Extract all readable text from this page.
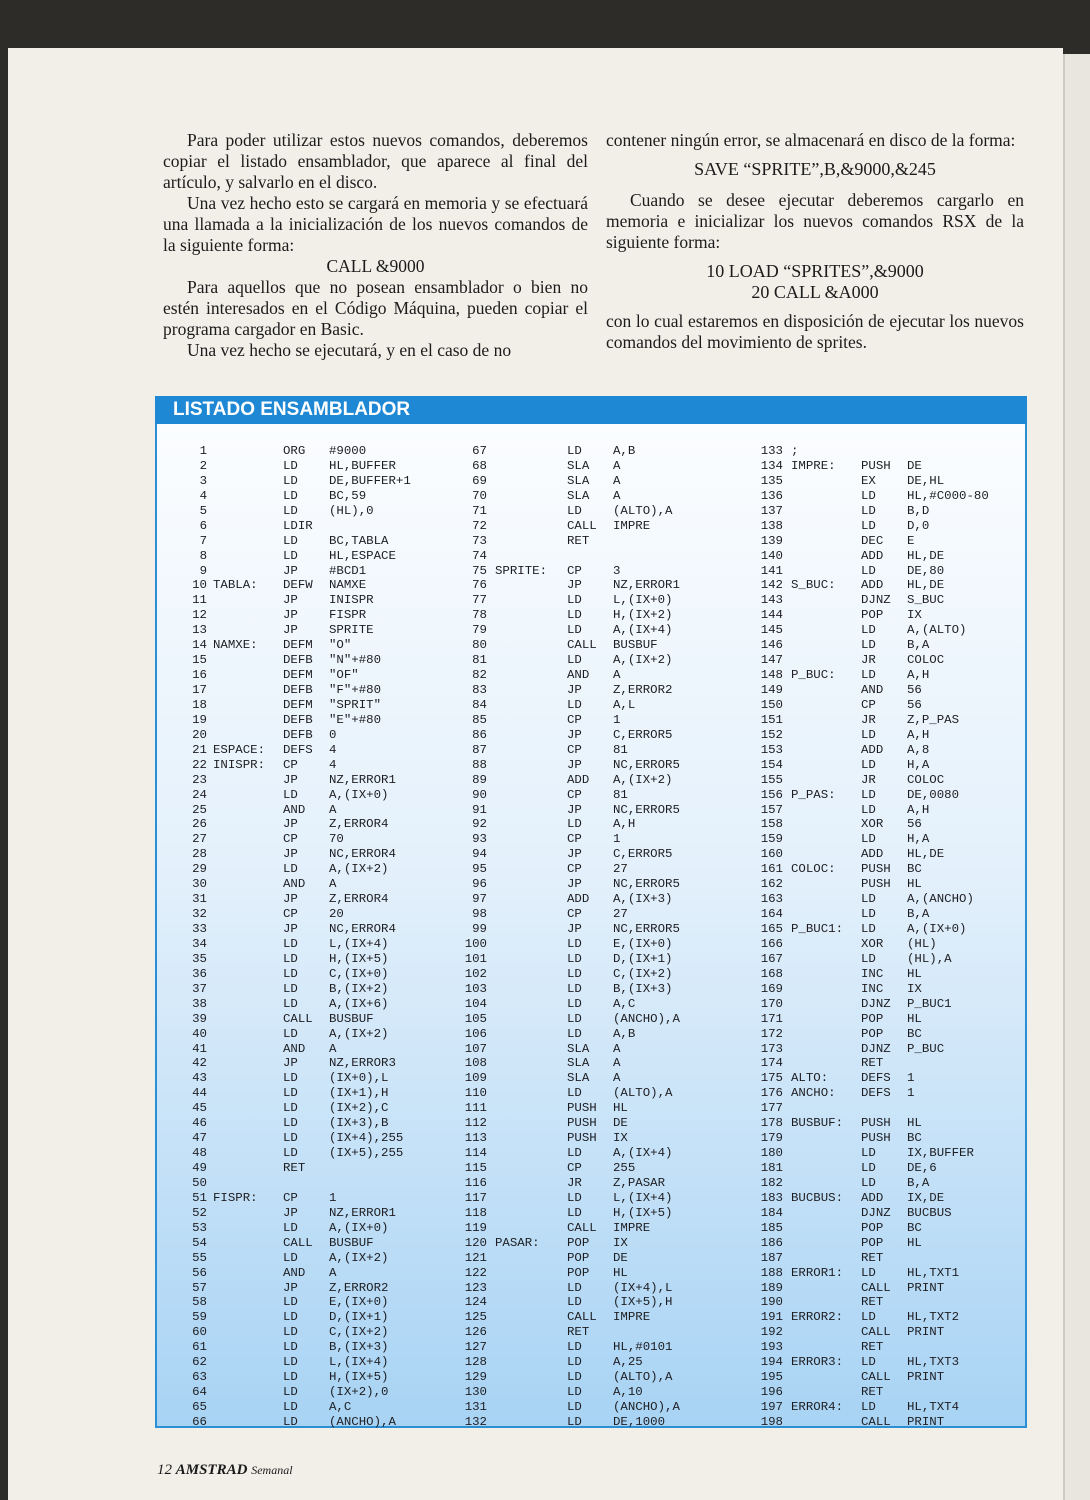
Para poder utilizar estos nuevos comandos, deberemos copiar el listado ensamblador, que aparece al final del artículo, y salvarlo en el disco.

Una vez hecho esto se cargará en memoria y se efectuará una llamada a la inicialización de los nuevos comandos de la siguiente forma:

CALL &9000

Para aquellos que no posean ensamblador o bien no estén interesados en el Código Máquina, pueden copiar el programa cargador en Basic.

Una vez hecho se ejecutará, y en el caso de no

contener ningún error, se almacenará en disco de la forma:

SAVE “SPRITE”,B,&9000,&245

Cuando se desee ejecutar deberemos cargarlo en memoria e inicializar los nuevos comandos RSX de la siguiente forma:

10 LOAD “SPRITES”,&9000

20 CALL &A000

con lo cual estaremos en disposición de ejecutar los nuevos comandos del movimiento de sprites.

LISTADO ENSAMBLADOR
1	ORG #9000
2	LD	HL,BUFFER
3	LD	DE,BUFFER+1
4	LD	BC,59
5	LD	(HL),0
6	LDIR
7	LD	BC,TABLA
8	LD	HL,ESPACE
9	JP	#BCD1
10 TABLA: DEFW NAMXE
11	JP	INISPR
12	JP	FISPR
13	JP	SPRITE
14 NAMXE: DEFM "O"
15	DEFB "N"+#80
16	DEFM "OF"
17	DEFB "F"+#80
18	DEFM "SPRIT"
19	DEFB "E"+#80
20	DEFB 0
21 ESPACE: DEFS 4
22 INISPR: CP	4
23	JP	NZ,ERROR1
24	LD	A,(IX+0)
25	AND A
26	JP	Z,ERROR4
27	CP	70
28	JP	NC,ERROR4
29	LD	A,(IX+2)
30	AND A
31	JP	Z,ERROR4
32	CP	20
33	JP	NC,ERROR4
34	LD	L,(IX+4)
35	LD	H,(IX+5)
36	LD	C,(IX+0)
37	LD	B,(IX+2)
38	LD	A,(IX+6)
39	CALL BUSBUF
40	LD	A,(IX+2)
41	AND A
42	JP	NZ,ERROR3
43	LD	(IX+0),L
44	LD	(IX+1),H
45	LD	(IX+2),C
46	LD	(IX+3),B
47	LD	(IX+4),255
48	LD	(IX+5),255
49	RET
50
51 FISPR: CP	1
52	JP	NZ,ERROR1
53	LD	A,(IX+0)
54	CALL BUSBUF
55	LD	A,(IX+2)
56	AND A
57	JP	Z,ERROR2
58	LD	E,(IX+0)
59	LD	D,(IX+1)
60	LD	C,(IX+2)
61	LD	B,(IX+3)
62	LD	L,(IX+4)
63	LD	H,(IX+5)
64	LD	(IX+2),0
65	LD	A,C
66	LD	(ANCHO),A
67	LD	A,B
68	SLA A
69	SLA A
70	SLA A
71	LD	(ALTO),A
72	CALL IMPRE
73	RET
74
75 SPRITE: CP	3
76	JP	NZ,ERROR1
77	LD	L,(IX+0)
78	LD	H,(IX+2)
79	LD	A,(IX+4)
80	CALL BUSBUF
81	LD	A,(IX+2)
82	AND A
83	JP	Z,ERROR2
84	LD	A,L
85	CP	1
86	JP	C,ERROR5
87	CP	81
88	JP	NC,ERROR5
89	ADD A,(IX+2)
90	CP	81
91	JP	NC,ERROR5
92	LD	A,H
93	CP	1
94	JP	C,ERROR5
95	CP	27
96	JP	NC,ERROR5
97	ADD A,(IX+3)
98	CP	27
99	JP	NC,ERROR5
100	LD	E,(IX+0)
101	LD	D,(IX+1)
102	LD	C,(IX+2)
103	LD	B,(IX+3)
104	LD	A,C
105	LD	(ANCHO),A
106	LD	A,B
107	SLA A
108	SLA A
109	SLA A
110	LD	(ALTO),A
111	PUSH HL
112	PUSH DE
113	PUSH IX
114	LD	A,(IX+4)
115	CP	255
116	JR	Z,PASAR
117	LD	L,(IX+4)
118	LD	H,(IX+5)
119	CALL IMPRE
120 PASAR: POP IX
121	POP DE
122	POP HL
123	LD	(IX+4),L
124	LD	(IX+5),H
125	CALL IMPRE
126	RET
127	LD	HL,#0101
128	LD	A,25
129	LD	(ALTO),A
130	LD	A,10
131	LD	(ANCHO),A
132	LD	DE,1000
133 ;
134 IMPRE: PUSH DE
135	EX	DE,HL
136	LD	HL,#C000-80
137	LD	B,D
138	LD	D,0
139	DEC E
140	ADD HL,DE
141	LD	DE,80
142 S_BUC: ADD HL,DE
143	DJNZ S_BUC
144	POP IX
145	LD	A,(ALTO)
146	LD	B,A
147	JR	COLOC
148 P_BUC: LD	A,H
149	AND 56
150	CP	56
151	JR	Z,P_PAS
152	LD	A,H
153	ADD A,8
154	LD	H,A
155	JR	COLOC
156 P_PAS: LD	DE,0080
157	LD	A,H
158	XOR 56
159	LD	H,A
160	ADD HL,DE
161 COLOC: PUSH BC
162	PUSH HL
163	LD	A,(ANCHO)
164	LD	B,A
165 P_BUC1: LD	A,(IX+0)
166	XOR (HL)
167	LD	(HL),A
168	INC HL
169	INC IX
170	DJNZ P_BUC1
171	POP HL
172	POP BC
173	DJNZ P_BUC
174	RET
175 ALTO:	DEFS 1
176 ANCHO: DEFS 1
177
178 BUSBUF: PUSH HL
179	PUSH BC
180	LD	IX,BUFFER
181	LD	DE,6
182	LD	B,A
183 BUCBUS: ADD IX,DE
184	DJNZ BUCBUS
185	POP BC
186	POP HL
187	RET
188 ERROR1: LD	HL,TXT1
189	CALL PRINT
190	RET
191 ERROR2: LD	HL,TXT2
192	CALL PRINT
193	RET
194 ERROR3: LD	HL,TXT3
195	CALL PRINT
196	RET
197 ERROR4: LD	HL,TXT4
198	CALL PRINT
12 AMSTRAD Semanal
